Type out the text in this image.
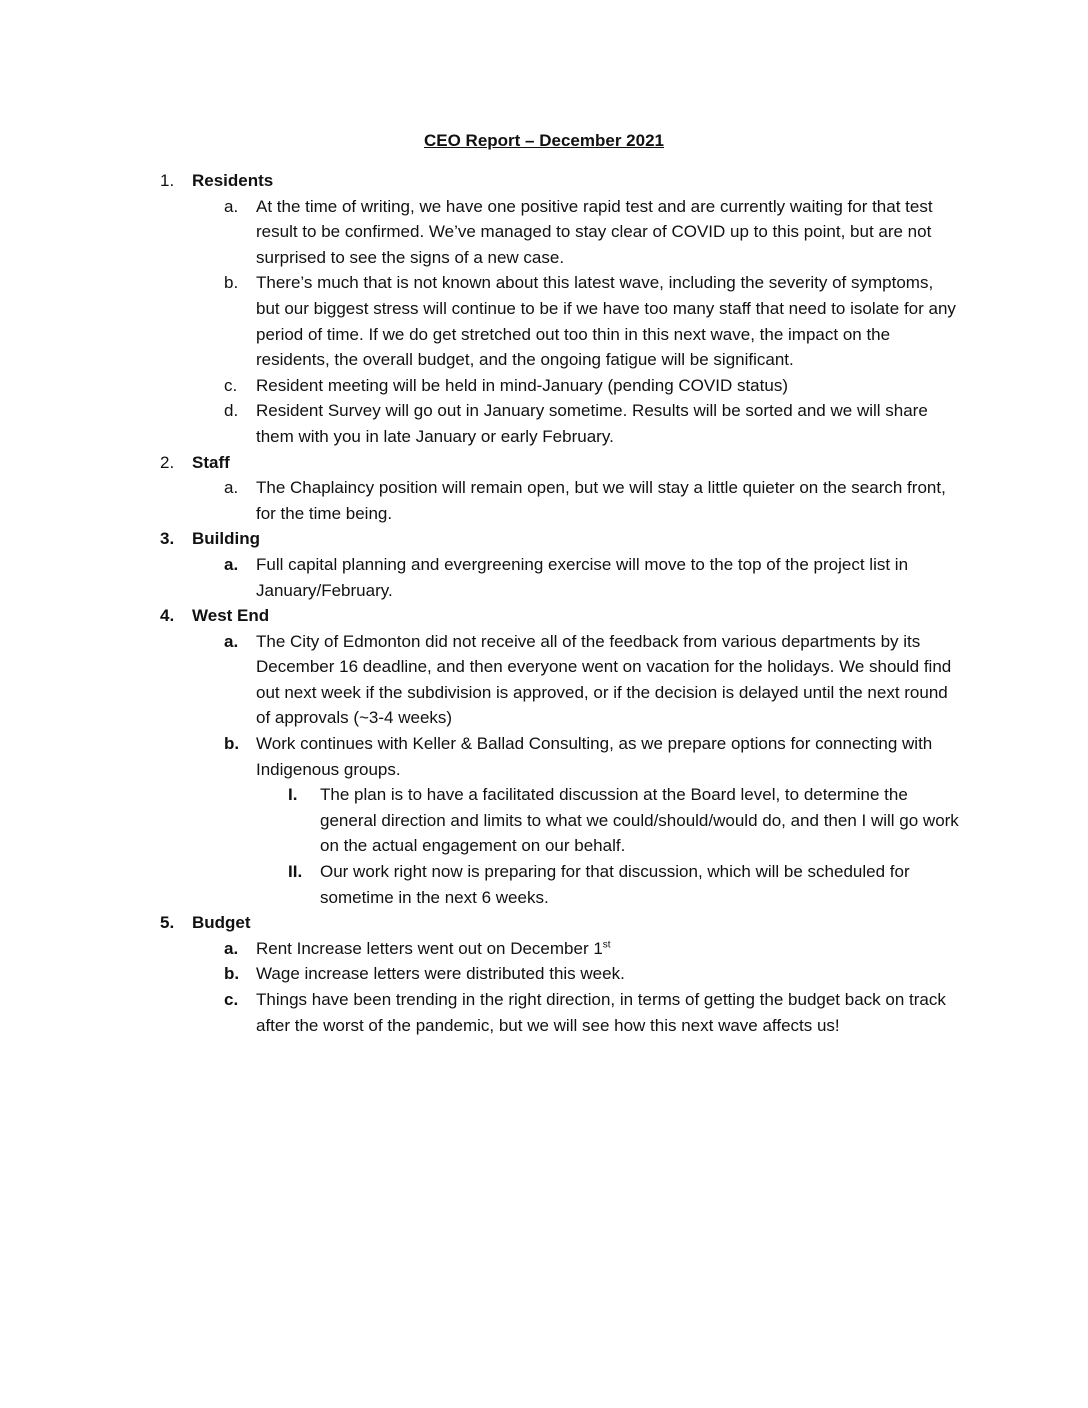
CEO Report – December 2021
1. Residents
a. At the time of writing, we have one positive rapid test and are currently waiting for that test result to be confirmed. We’ve managed to stay clear of COVID up to this point, but are not surprised to see the signs of a new case.
b. There’s much that is not known about this latest wave, including the severity of symptoms, but our biggest stress will continue to be if we have too many staff that need to isolate for any period of time. If we do get stretched out too thin in this next wave, the impact on the residents, the overall budget, and the ongoing fatigue will be significant.
c. Resident meeting will be held in mind-January (pending COVID status)
d. Resident Survey will go out in January sometime. Results will be sorted and we will share them with you in late January or early February.
2. Staff
a. The Chaplaincy position will remain open, but we will stay a little quieter on the search front, for the time being.
3. Building
a. Full capital planning and evergreening exercise will move to the top of the project list in January/February.
4. West End
a. The City of Edmonton did not receive all of the feedback from various departments by its December 16 deadline, and then everyone went on vacation for the holidays. We should find out next week if the subdivision is approved, or if the decision is delayed until the next round of approvals (~3-4 weeks)
b. Work continues with Keller & Ballad Consulting, as we prepare options for connecting with Indigenous groups.
I. The plan is to have a facilitated discussion at the Board level, to determine the general direction and limits to what we could/should/would do, and then I will go work on the actual engagement on our behalf.
II. Our work right now is preparing for that discussion, which will be scheduled for sometime in the next 6 weeks.
5. Budget
a. Rent Increase letters went out on December 1st
b. Wage increase letters were distributed this week.
c. Things have been trending in the right direction, in terms of getting the budget back on track after the worst of the pandemic, but we will see how this next wave affects us!
